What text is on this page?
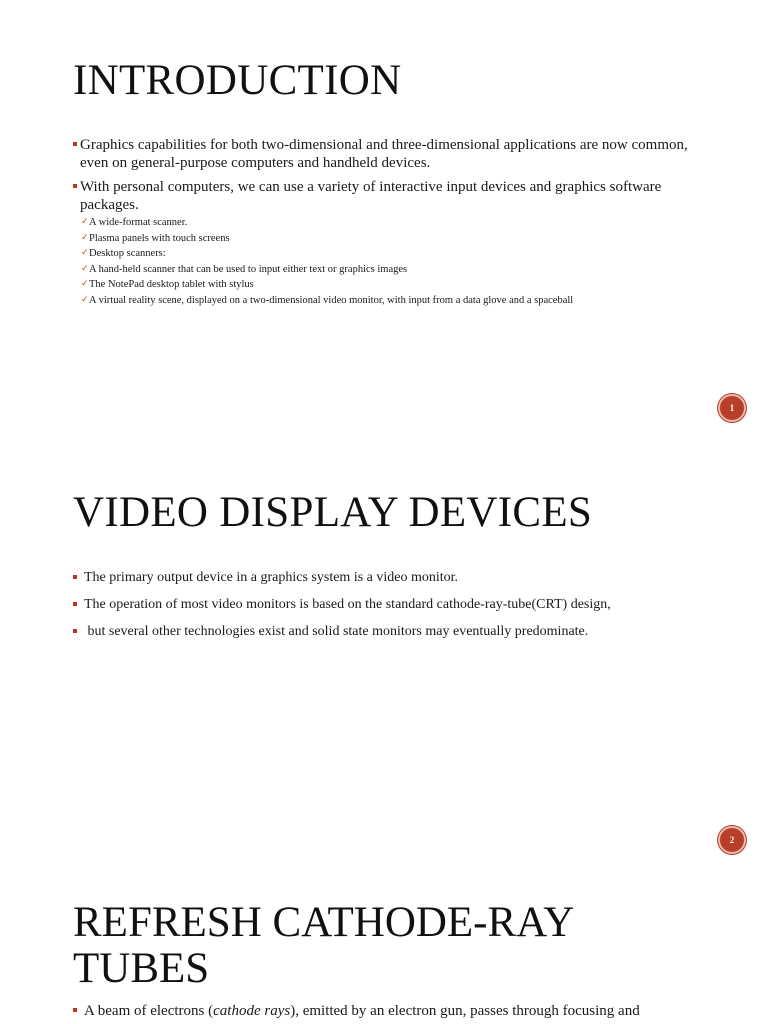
INTRODUCTION
Graphics capabilities for both two-dimensional and three-dimensional applications are now common, even on general-purpose computers and handheld devices.
With personal computers, we can use a variety of interactive input devices and graphics software packages.
✓ A wide-format scanner.
✓ Plasma panels with touch screens
✓ Desktop scanners:
✓ A hand-held scanner that can be used to input either text or graphics images
✓ The NotePad desktop tablet with stylus
✓ A virtual reality scene, displayed on a two-dimensional video monitor, with input from a data glove and a spaceball
1
VIDEO DISPLAY DEVICES
The primary output device in a graphics system is a video monitor.
The operation of most video monitors is based on the standard cathode-ray-tube(CRT) design,
but several other technologies exist and solid state monitors may eventually predominate.
2
REFRESH CATHODE-RAY
TUBES
A beam of electrons (cathode rays), emitted by an electron gun, passes through focusing and
